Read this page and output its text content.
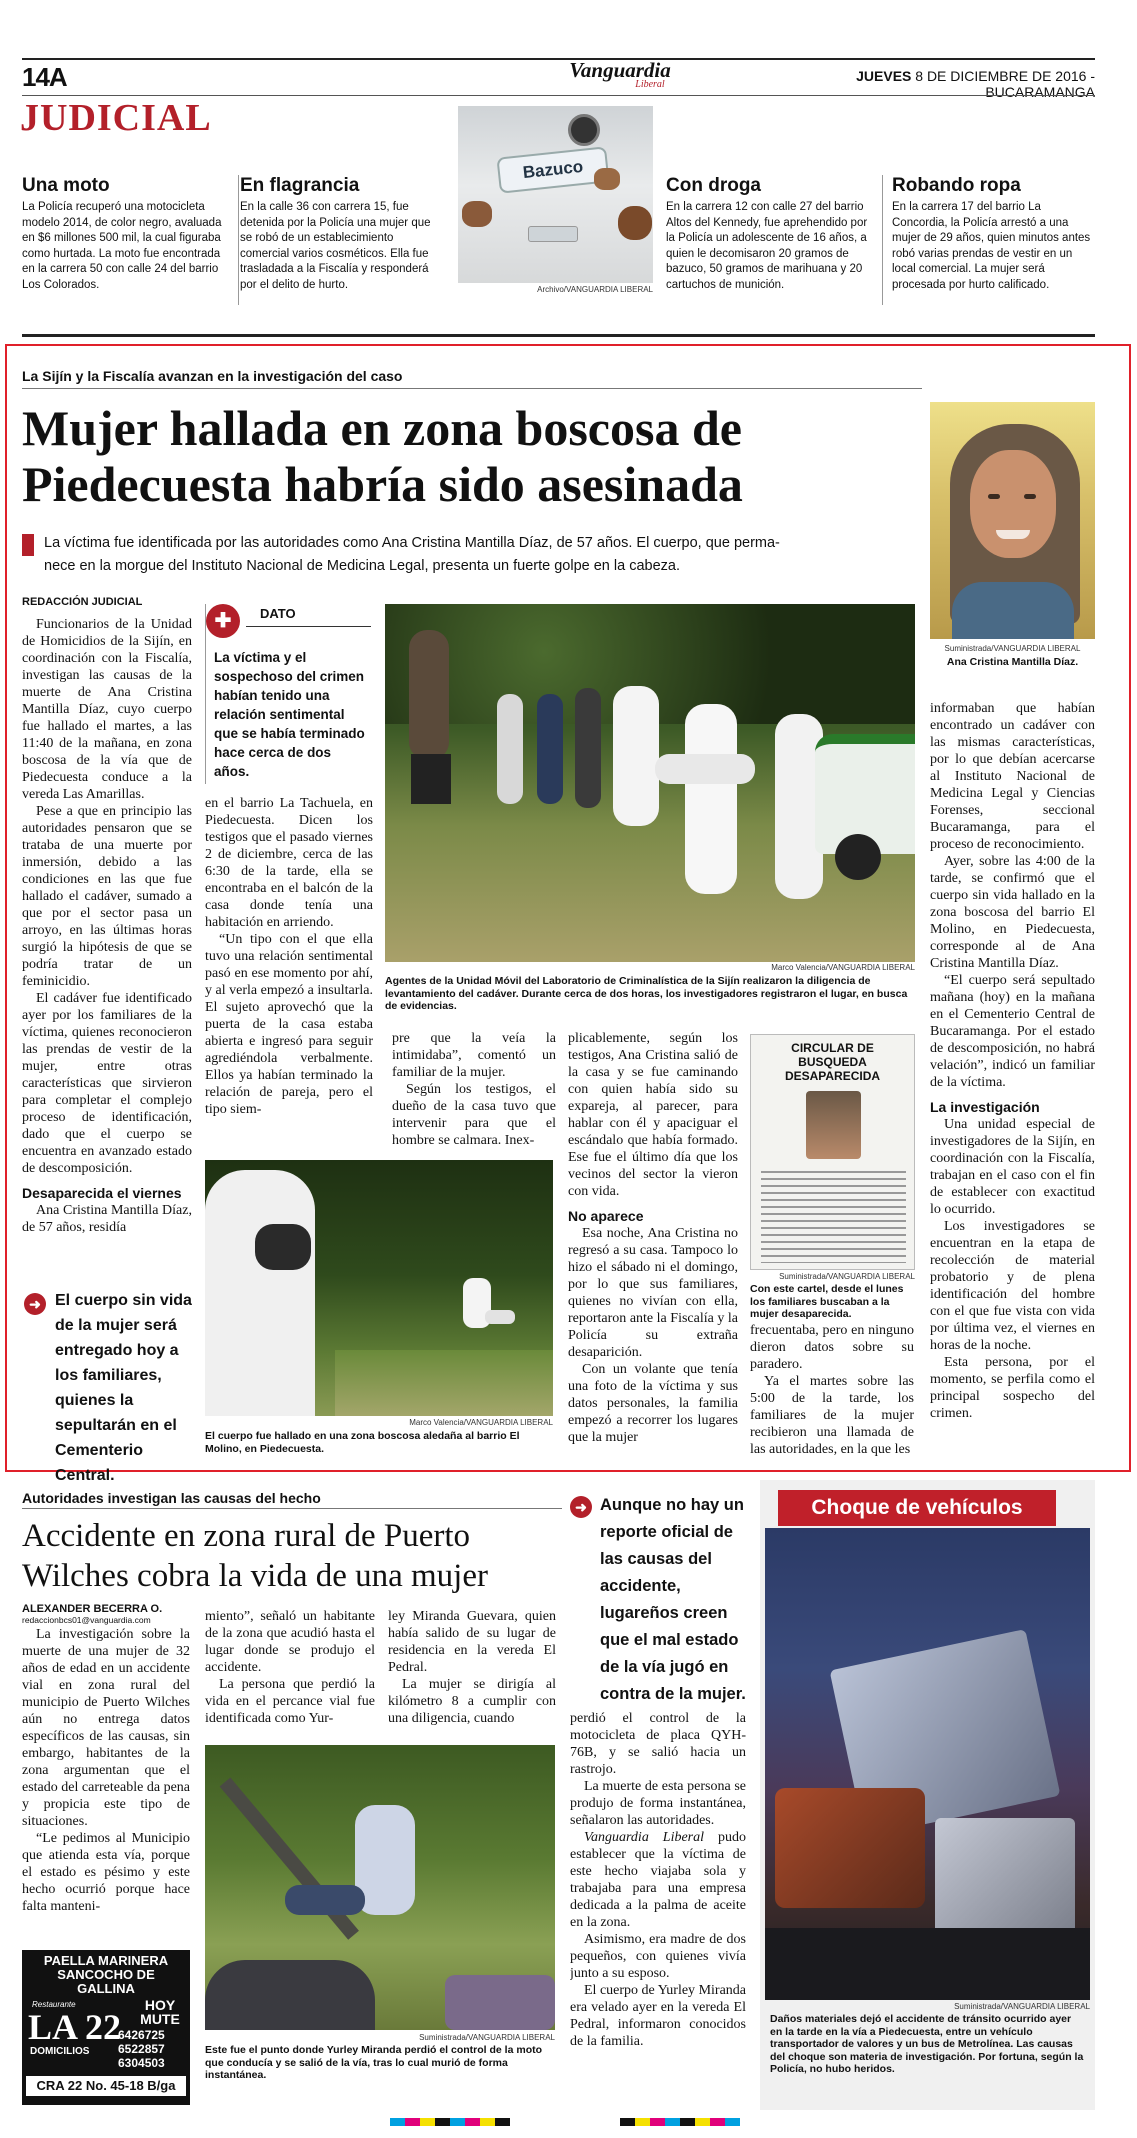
14A	Vanguardia
Liberal
JUEVES 8 DE DICIEMBRE DE 2016 - BUCARAMANGA
JUDICIAL
Una moto
La Policía recuperó una motocicleta modelo 2014, de color negro, avaluada en $6 millones 500 mil, la cual figuraba como hurtada. La moto fue encontrada en la carrera 50 con calle 24 del barrio Los Colorados.
En flagrancia
En la calle 36 con carrera 15, fue detenida por la Policía una mujer que se robó de un establecimiento comercial varios cosméticos. Ella fue trasladada a la Fiscalía y responderá por el delito de hurto.
Bazuco
Archivo/VANGUARDIA LIBERAL
Con droga
En la carrera 12 con calle 27 del barrio Altos del Kennedy, fue aprehendido por la Policía un adolescente de 16 años, a quien le decomisaron 20 gramos de bazuco, 50 gramos de marihuana y 20 cartuchos de munición.
Robando ropa
En la carrera 17 del barrio La Concordia, la Policía arrestó a una mujer de 29 años, quien minutos antes robó varias prendas de vestir en un local comercial. La mujer será procesada por hurto calificado.
La Sijín y la Fiscalía avanzan en la investigación del caso
Mujer hallada en zona boscosa de
Piedecuesta habría sido asesinada
La víctima fue identificada por las autoridades como Ana Cristina Mantilla Díaz, de 57 años. El cuerpo, que perma-
nece en la morgue del Instituto Nacional de Medicina Legal, presenta un fuerte golpe en la cabeza.
Suministrada/VANGUARDIA LIBERAL
Ana Cristina Mantilla Díaz.
REDACCIÓN JUDICIAL

Funcionarios de la Unidad de Homicidios de la Sijín, en coordinación con la Fiscalía, investigan las causas de la muerte de Ana Cristina Mantilla Díaz, cuyo cuerpo fue hallado el martes, a las 11:40 de la mañana, en zona boscosa de la vía que de Piedecuesta conduce a la vereda Las Amarillas.

Pese a que en principio las autoridades pensaron que se trataba de una muerte por inmersión, debido a las condiciones en las que fue hallado el cadáver, sumado a que por el sector pasa un arroyo, en las últimas horas surgió la hipótesis de que se podría tratar de un feminicidio.

El cadáver fue identificado ayer por los familiares de la víctima, quienes reconocieron las prendas de vestir de la mujer, entre otras características que sirvieron para completar el complejo proceso de identificación, dado que el cuerpo se encuentra en avanzado estado de descomposición.

Desaparecida el viernes

Ana Cristina Mantilla Díaz, de 57 años, residía

➜ El cuerpo sin vida de la mujer será entregado hoy a los familiares, quienes la sepultarán en el Cementerio Central.
✚	DATO
La víctima y el sospechoso del crimen habían tenido una relación sentimental que se había terminado hace cerca de dos años.

en el barrio La Tachuela, en Piedecuesta. Dicen los testigos que el pasado viernes 2 de diciembre, cerca de las 6:30 de la tarde, ella se encontraba en el balcón de la casa donde tenía una habitación en arriendo.

“Un tipo con el que ella tuvo una relación sentimental pasó en ese momento por ahí, y al verla empezó a insultarla. El sujeto aprovechó que la puerta de la casa estaba abierta e ingresó para seguir agrediéndola verbalmente. Ellos ya habían terminado la relación de pareja, pero el tipo siem-

Marco Valencia/VANGUARDIA LIBERAL
Agentes de la Unidad Móvil del Laboratorio de Criminalística de la Sijín realizaron la diligencia de levantamiento del cadáver. Durante cerca de dos horas, los investigadores registraron el lugar, en busca de evidencias.

pre que la veía la intimidaba”, comentó un familiar de la mujer.

Según los testigos, el dueño de la casa tuvo que intervenir para que el hombre se calmara. Inex-

plicablemente, según los testigos, Ana Cristina salió de la casa y se fue caminando con quien había sido su expareja, al parecer, para hablar con él y apaciguar el escándalo que había formado. Ese fue el último día que los vecinos del sector la vieron con vida.

No aparece

Esa noche, Ana Cristina no regresó a su casa. Tampoco lo hizo el sábado ni el domingo, por lo que sus familiares, quienes no vivían con ella, reportaron ante la Fiscalía y la Policía su extraña desaparición.

Con un volante que tenía una foto de la víctima y sus datos personales, la familia empezó a recorrer los lugares que la mujer

CIRCULAR DE
BUSQUEDA
DESAPARECIDA
Suministrada/VANGUARDIA LIBERAL
Con este cartel, desde el lunes los familiares buscaban a la mujer desaparecida.

frecuentaba, pero en ninguno dieron datos sobre su paradero.

Ya el martes sobre las 5:00 de la tarde, los familiares de la mujer recibieron una llamada de las autoridades, en la que les

informaban que habían encontrado un cadáver con las mismas características, por lo que debían acercarse al Instituto Nacional de Medicina Legal y Ciencias Forenses, seccional Bucaramanga, para el proceso de reconocimiento.

Ayer, sobre las 4:00 de la tarde, se confirmó que el cuerpo sin vida hallado en la zona boscosa del barrio El Molino, en Piedecuesta, corresponde al de Ana Cristina Mantilla Díaz.

“El cuerpo será sepultado mañana (hoy) en la mañana en el Cementerio Central de Bucaramanga. Por el estado de descomposición, no habrá velación”, indicó un familiar de la víctima.

La investigación

Una unidad especial de investigadores de la Sijín, en coordinación con la Fiscalía, trabajan en el caso con el fin de establecer con exactitud lo ocurrido.

Los investigadores se encuentran en la etapa de recolección de material probatorio y de plena identificación del hombre con el que fue vista con vida por última vez, el viernes en horas de la noche.

Esta persona, por el momento, se perfila como el principal sospecho del crimen.

Marco Valencia/VANGUARDIA LIBERAL
El cuerpo fue hallado en una zona boscosa aledaña al barrio El Molino, en Piedecuesta.
Autoridades investigan las causas del hecho
Accidente en zona rural de Puerto
Wilches cobra la vida de una mujer
ALEXANDER BECERRA O.
redaccionbcs01@vanguardia.com

La investigación sobre la muerte de una mujer de 32 años de edad en un accidente vial en zona rural del municipio de Puerto Wilches aún no entrega datos específicos de las causas, sin embargo, habitantes de la zona argumentan que el estado del carreteable da pena y propicia este tipo de situaciones.

“Le pedimos al Municipio que atienda esta vía, porque el estado es pésimo y este hecho ocurrió porque hace falta manteni-

miento”, señaló un habitante de la zona que acudió hasta el lugar donde se produjo el accidente.

La persona que perdió la vida en el percance vial fue identificada como Yur-

ley Miranda Guevara, quien había salido de su lugar de residencia en la vereda El Pedral.

La mujer se dirigía al kilómetro 8 a cumplir con una diligencia, cuando

Suministrada/VANGUARDIA LIBERAL
Este fue el punto donde Yurley Miranda perdió el control de la moto que conducía y se salió de la vía, tras lo cual murió de forma instantánea.
➜ Aunque no hay un reporte oficial de las causas del accidente, lugareños creen que el mal estado de la vía jugó en contra de la mujer.

perdió el control de la motocicleta de placa QYH-76B, y se salió hacia un rastrojo.

La muerte de esta persona se produjo de forma instantánea, señalaron las autoridades.

Vanguardia Liberal pudo establecer que la víctima de este hecho viajaba sola y trabajaba para una empresa dedicada a la palma de aceite en la zona.

Asimismo, era madre de dos pequeños, con quienes vivía junto a su esposo.

El cuerpo de Yurley Miranda era velado ayer en la vereda El Pedral, informaron conocidos de la familia.

Choque de vehículos
Suministrada/VANGUARDIA LIBERAL
Daños materiales dejó el accidente de tránsito ocurrido ayer en la tarde en la vía a Piedecuesta, entre un vehículo transportador de valores y un bus de Metrolínea. Las causas del choque son materia de investigación. Por fortuna, según la Policía, no hubo heridos.
PAELLA MARINERA
SANCOCHO DE
GALLINA
Restaurante
LA 22
DOMICILIOS
HOY
MUTE
6426725
6522857
6304503
CRA 22 No. 45-18 B/ga
